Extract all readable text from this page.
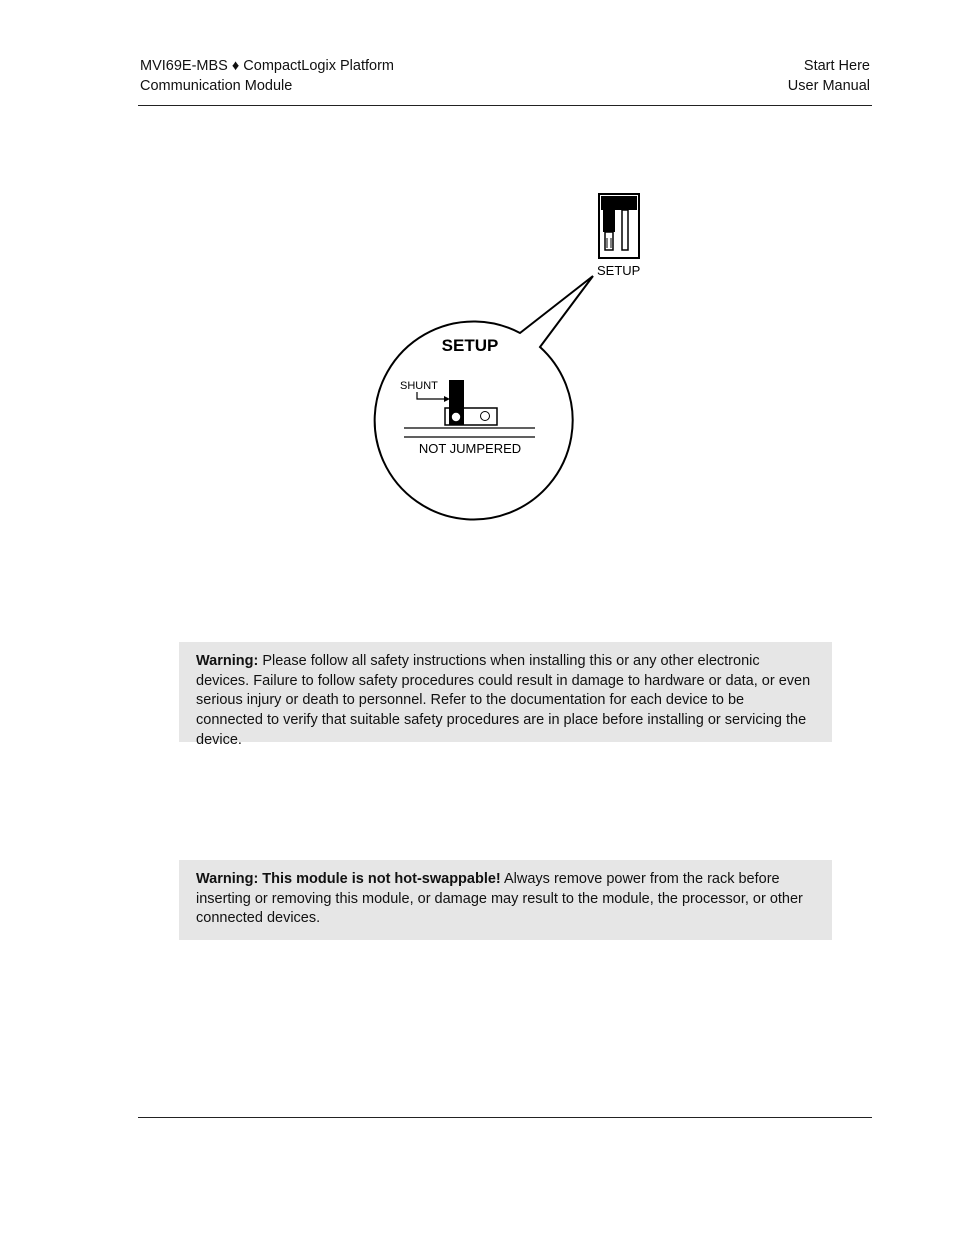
MVI69E-MBS ♦ CompactLogix Platform
Communication Module
Start Here
User Manual
SETUP
SETUP
SHUNT
NOT JUMPERED
Warning: Please follow all safety instructions when installing this or any other electronic devices. Failure to follow safety procedures could result in damage to hardware or data, or even serious injury or death to personnel. Refer to the documentation for each device to be connected to verify that suitable safety procedures are in place before installing or servicing the device.
Warning: This module is not hot-swappable! Always remove power from the rack before inserting or removing this module, or damage may result to the module, the processor, or other connected devices.
